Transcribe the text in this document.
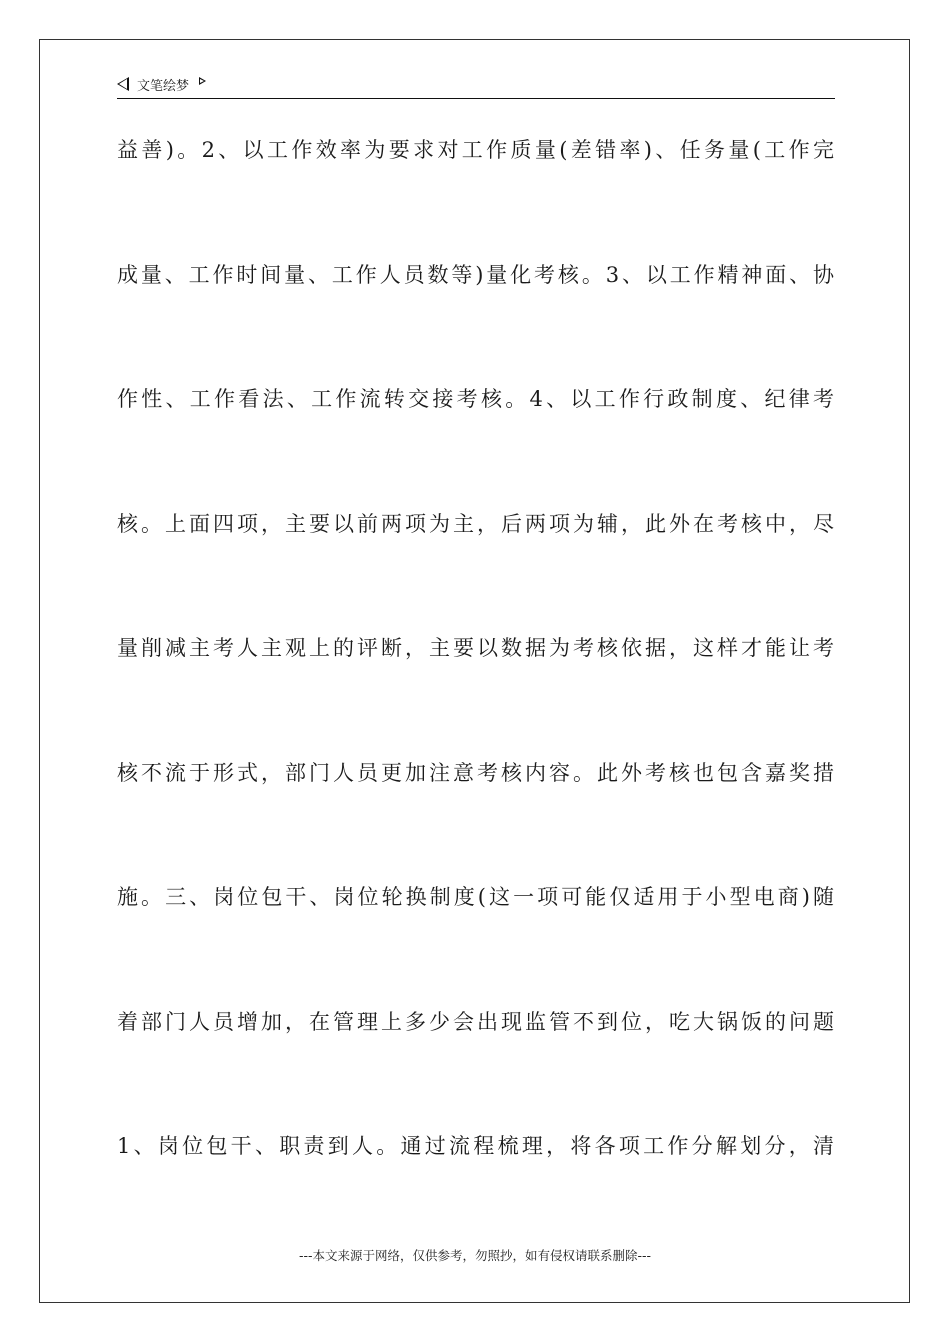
文笔绘梦
益善)。2、以工作效率为要求对工作质量(差错率)、任务量(工作完
成量、工作时间量、工作人员数等)量化考核。3、以工作精神面、协
作性、工作看法、工作流转交接考核。4、以工作行政制度、纪律考
核。上面四项，主要以前两项为主，后两项为辅，此外在考核中，尽
量削减主考人主观上的评断，主要以数据为考核依据，这样才能让考
核不流于形式，部门人员更加注意考核内容。此外考核也包含嘉奖措
施。三、岗位包干、岗位轮换制度(这一项可能仅适用于小型电商)随
着部门人员增加，在管理上多少会出现监管不到位，吃大锅饭的问题
1、岗位包干、职责到人。通过流程梳理，将各项工作分解划分，清
---本文来源于网络，仅供参考，勿照抄，如有侵权请联系删除---
